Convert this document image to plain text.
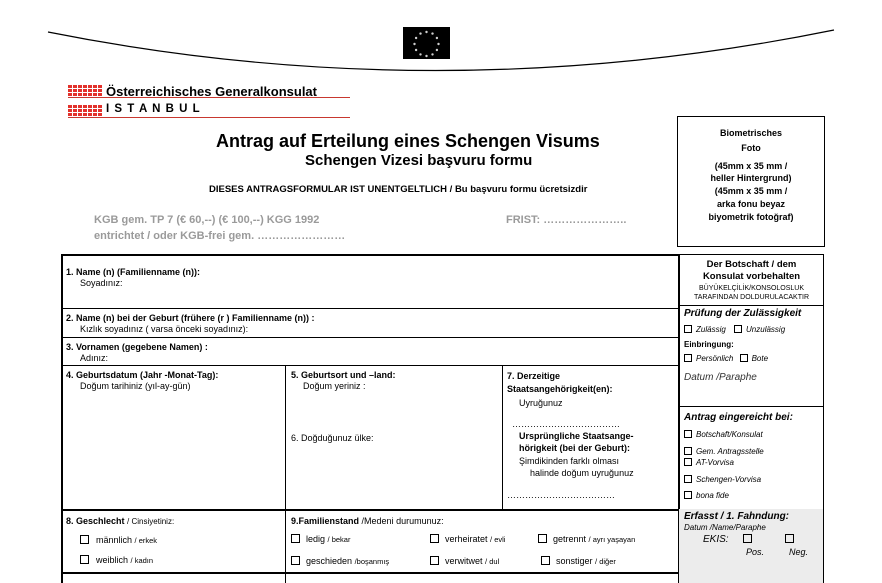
Österreichisches Generalkonsulat
I S T A N B U L
Antrag auf Erteilung eines Schengen Visums
Schengen Vizesi başvuru formu
DIESES ANTRAGSFORMULAR IST UNENTGELTLICH / Bu başvuru formu ücretsizdir
KGB gem. TP 7 (€ 60,--) (€ 100,--) KGG 1992
entrichtet / oder KGB-frei gem. ……………………
FRIST: …………………..
Biometrisches
Foto
(45mm x 35 mm /
heller Hintergrund)
(45mm x 35 mm /
arka fonu beyaz
biyometrik fotoğraf)
Der Botschaft / dem
Konsulat vorbehalten
BÜYÜKELÇİLİK/KONSOLOSLUK
TARAFINDAN DOLDURULACAKTIR
Prüfung der Zulässigkeit
Zulässig	Unzulässig
Einbringung:
Persönlich Bote
Datum /Paraphe
Antrag eingereicht bei:
Botschaft/Konsulat
Gem. Antragsstelle
AT-Vorvisa
Schengen-Vorvisa
bona fide
Erfasst / 1. Fahndung:
Datum /Name/Paraphe
EKIS:
Pos.	Neg.
1. Name (n) (Familienname (n)):
Soyadınız:
2. Name (n) bei der Geburt (frühere (r ) Familienname (n)) :
Kızlık soyadınız ( varsa önceki soyadınız):
3. Vornamen (gegebene Namen) :
Adınız:
4. Geburtsdatum (Jahr -Monat-Tag):
Doğum tarihiniz (yıl-ay-gün)
5. Geburtsort und –land:
Doğum yeriniz :
6. Doğduğunuz ülke:
7. Derzeitige
Staatsangehörigkeit(en):
Uyruğunuz
………………………………
Ursprüngliche Staatsange-
hörigkeit (bei der Geburt):
Şimdikinden farklı olması
halinde doğum uyruğunuz
………………………………
8. Geschlecht / Cinsiyetiniz:
männlich / erkek
weiblich / kadın
9.Familienstand /Medeni durumunuz:
ledig / bekar	verheiratet / evli	getrennt / ayrı yaşayan
geschieden /boşanmış	verwitwet / dul	sonstiger / diğer
